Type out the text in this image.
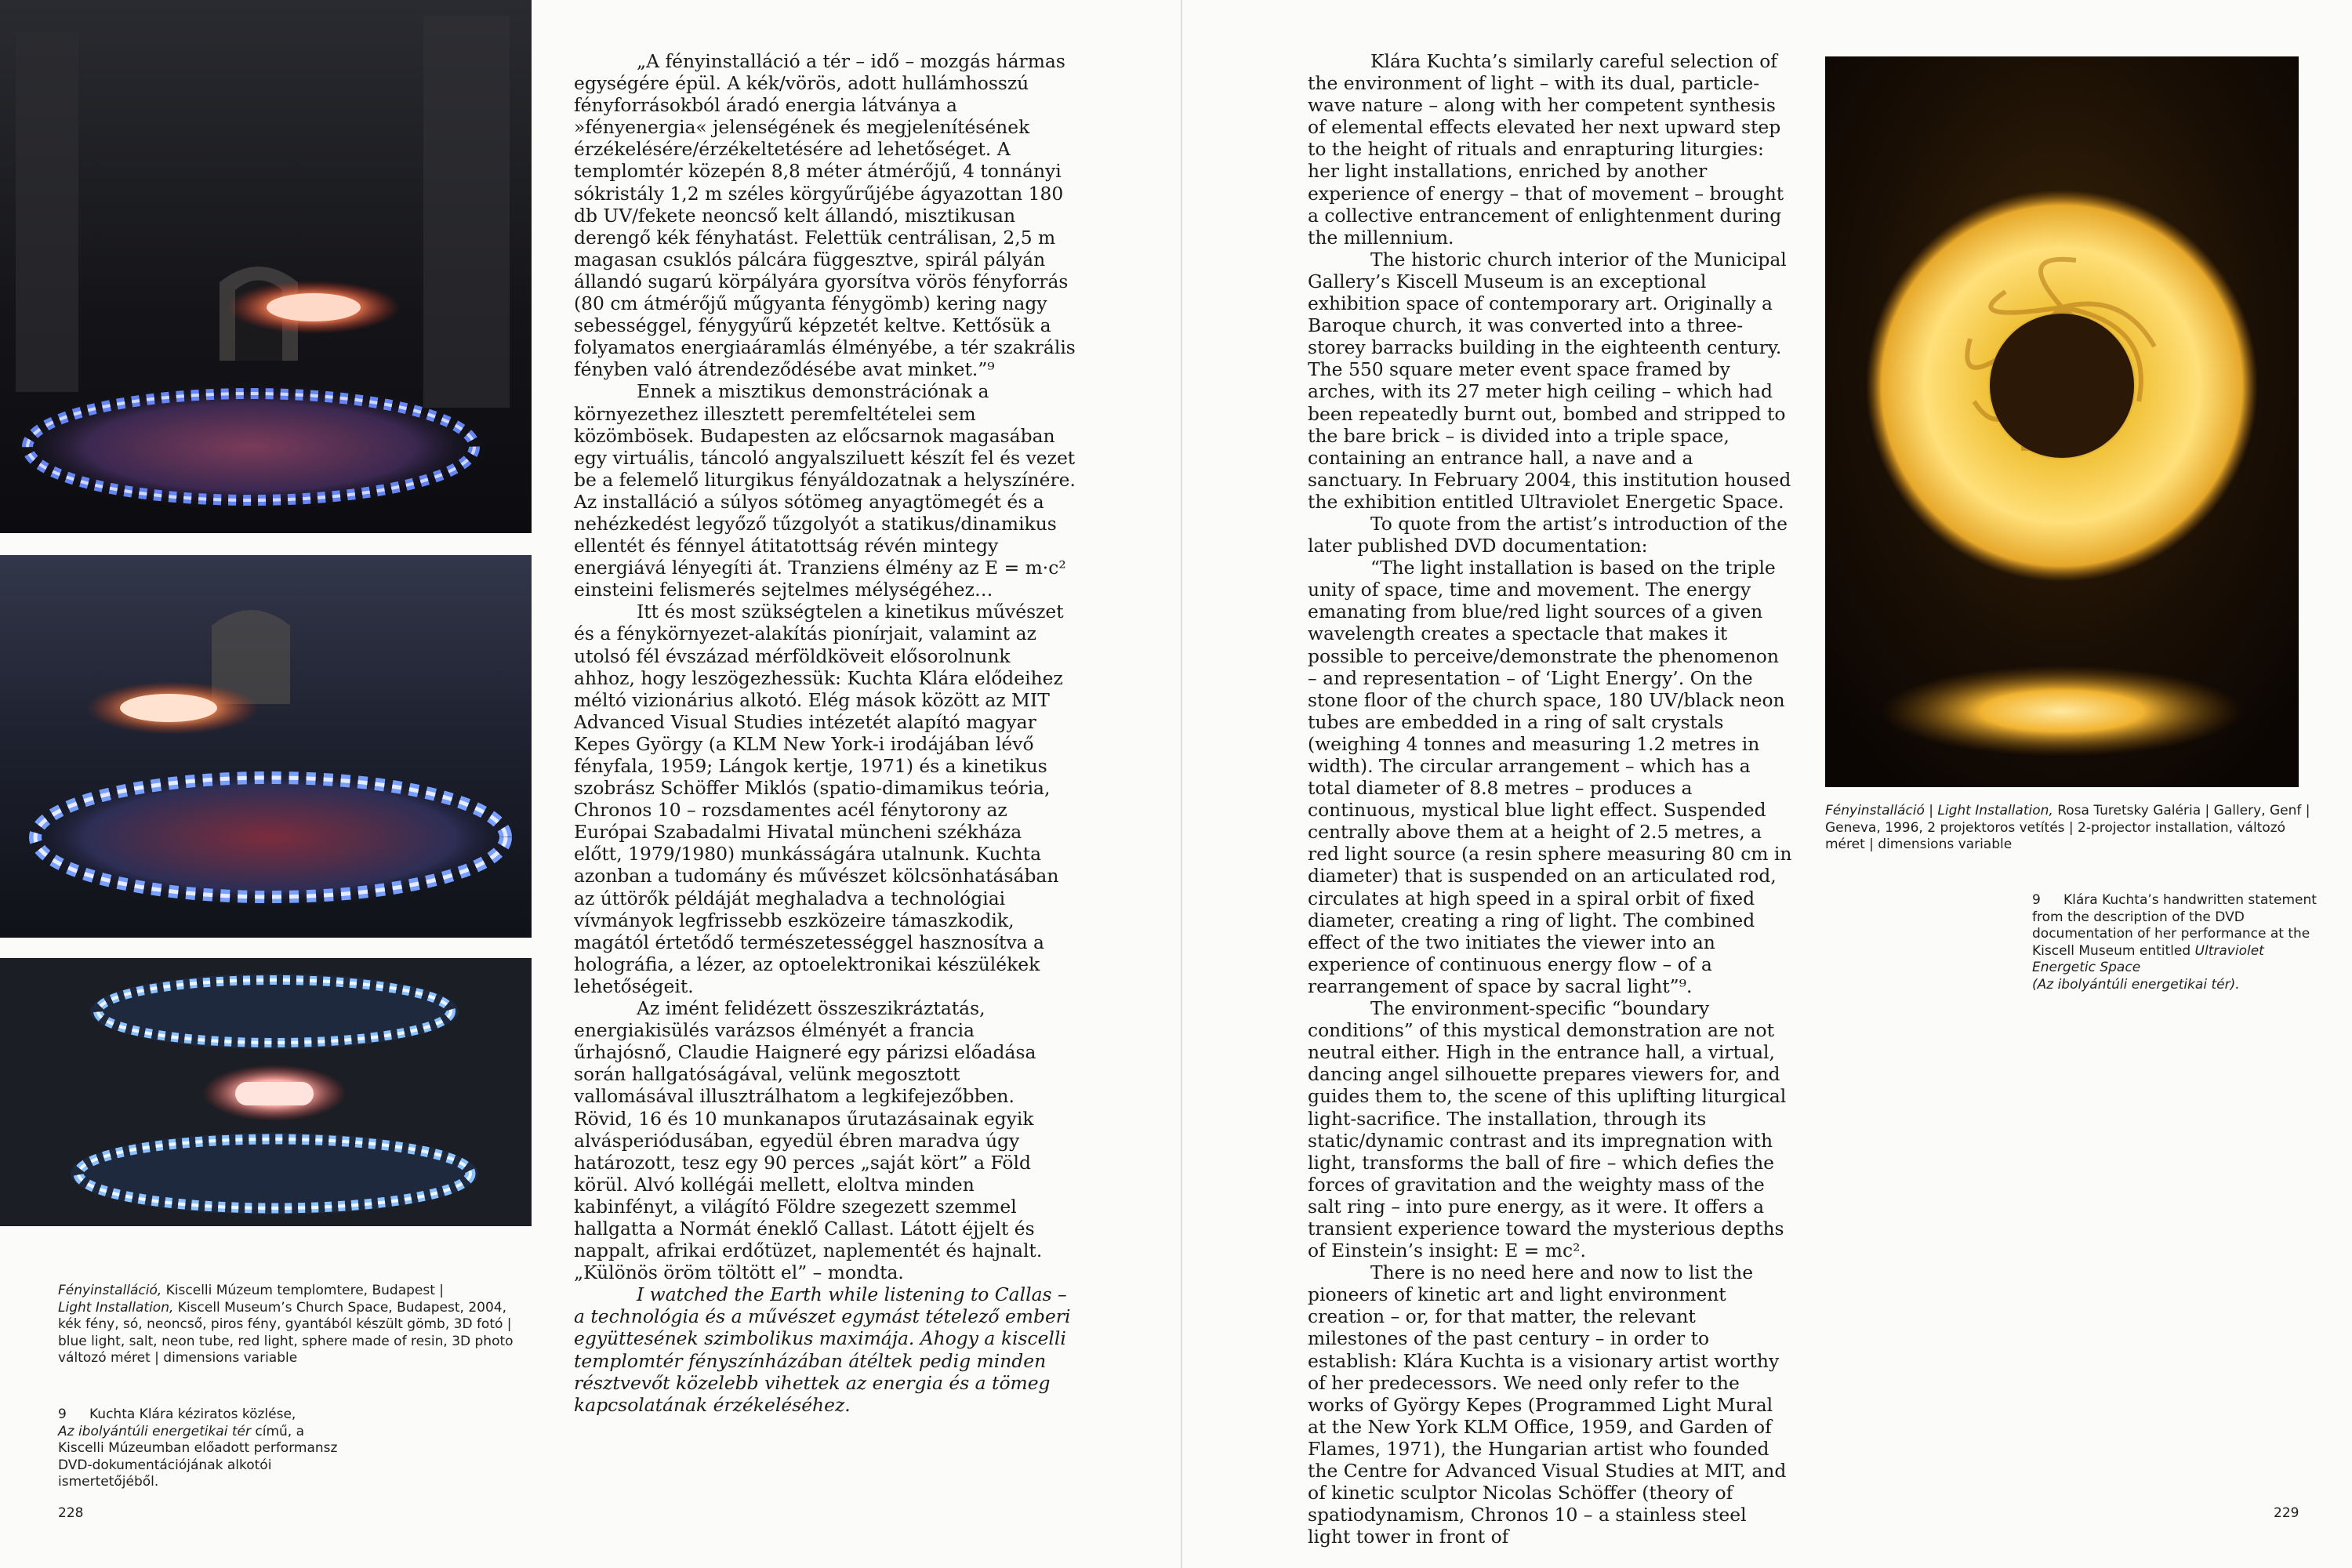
Fényinstalláció, Kiscelli Múzeum templomtere, Budapest |
Light Installation, Kiscell Museum’s Church Space, Budapest, 2004, kék fény, só, neoncső, piros fény, gyantából készült gömb, 3D fotó | blue light, salt, neon tube, red light, sphere made of resin, 3D photo változó méret | dimensions variable
9 Kuchta Klára kéziratos közlése,
Az ibolyántúli energetikai tér című, a Kiscelli Múzeumban előadott performansz DVD-dokumentációjának alkotói ismertetőjéből.
228

„A fényinstalláció a tér – idő – mozgás hármas egységére épül. A kék/vörös, adott hullámhosszú fényforrásokból áradó energia látványa a »fényenergia« jelenségének és megjelenítésének érzékelésére/érzékeltetésére ad lehetőséget. A templomtér közepén 8,8 méter átmérőjű, 4 tonnányi sókristály 1,2 m széles körgyűrűjébe ágyazottan 180 db UV/fekete neoncső kelt állandó, misztikusan derengő kék fényhatást. Felettük centrálisan, 2,5 m magasan csuklós pálcára függesztve, spirál pályán állandó sugarú körpályára gyorsítva vörös fényforrás (80 cm átmérőjű műgyanta fénygömb) kering nagy sebességgel, fénygyűrű képzetét keltve. Kettősük a folyamatos energiaáramlás élményébe, a tér szakrális fényben való átrendeződésébe avat minket.”⁹

Ennek a misztikus demonstrációnak a környezethez illesztett peremfeltételei sem közömbösek. Budapesten az előcsarnok magasában egy virtuális, táncoló angyalsziluett készít fel és vezet be a felemelő liturgikus fényáldozatnak a helyszínére. Az installáció a súlyos sótömeg anyagtömegét és a nehézkedést legyőző tűzgolyót a statikus/dinamikus ellentét és fénnyel átitatottság révén mintegy energiává lényegíti át. Tranziens élmény az E = m·c² einsteini felismerés sejtelmes mélységéhez…

Itt és most szükségtelen a kinetikus művészet és a fénykörnyezet-alakítás pionírjait, valamint az utolsó fél évszázad mérföldköveit elősorolnunk ahhoz, hogy leszögezhessük: Kuchta Klára elődeihez méltó vizionárius alkotó. Elég mások között az MIT Advanced Visual Studies intézetét alapító magyar Kepes György (a KLM New York-i irodájában lévő fényfala, 1959; Lángok kertje, 1971) és a kinetikus szobrász Schöffer Miklós (spatio-dimamikus teória, Chronos 10 – rozsdamentes acél fénytorony az Európai Szabadalmi Hivatal müncheni székháza előtt, 1979/1980) munkásságára utalnunk. Kuchta azonban a tudomány és művészet kölcsönhatásában az úttörők példáját meghaladva a technológiai vívmányok legfrissebb eszközeire támaszkodik, magától értetődő természetességgel hasznosítva a holográfia, a lézer, az optoelektronikai készülékek lehetőségeit.

Az imént felidézett összeszikráztatás, energiakisülés varázsos élményét a francia űrhajósnő, Claudie Haigneré egy párizsi előadása során hallgatóságával, velünk megosztott vallomásával illusztrálhatom a legkifejezőbben. Rövid, 16 és 10 munkanapos űrutazásainak egyik alvásperiódusában, egyedül ébren maradva úgy határozott, tesz egy 90 perces „saját kört” a Föld körül. Alvó kollégái mellett, eloltva minden kabinfényt, a világító Földre szegezett szemmel hallgatta a Normát éneklő Callast. Látott éjjelt és nappalt, afrikai erdőtüzet, naplementét és hajnalt. „Különös öröm töltött el” – mondta.

I watched the Earth while listening to Callas – a technológia és a művészet egymást tételező emberi együttesének szimbolikus maximája. Ahogy a kiscelli templomtér fényszínházában átéltek pedig minden résztvevőt közelebb vihettek az energia és a tömeg kapcsolatának érzékeléséhez.

Klára Kuchta’s similarly careful selection of the environment of light – with its dual, particle-wave nature – along with her competent synthesis of elemental effects elevated her next upward step to the height of rituals and enrapturing liturgies: her light installations, enriched by another experience of energy – that of movement – brought a collective entrancement of enlightenment during the millennium.

The historic church interior of the Municipal Gallery’s Kiscell Museum is an exceptional exhibition space of contemporary art. Originally a Baroque church, it was converted into a three-storey barracks building in the eighteenth century. The 550 square meter event space framed by arches, with its 27 meter high ceiling – which had been repeatedly burnt out, bombed and stripped to the bare brick – is divided into a triple space, containing an entrance hall, a nave and a sanctuary. In February 2004, this institution housed the exhibition entitled Ultraviolet Energetic Space.

To quote from the artist’s introduction of the later published DVD documentation:

“The light installation is based on the triple unity of space, time and movement. The energy emanating from blue/red light sources of a given wavelength creates a spectacle that makes it possible to perceive/demonstrate the phenomenon – and representation – of ‘Light Energy’. On the stone floor of the church space, 180 UV/black neon tubes are embedded in a ring of salt crystals (weighing 4 tonnes and measuring 1.2 metres in width). The circular arrangement – which has a total diameter of 8.8 metres – produces a continuous, mystical blue light effect. Suspended centrally above them at a height of 2.5 metres, a red light source (a resin sphere measuring 80 cm in diameter) that is suspended on an articulated rod, circulates at high speed in a spiral orbit of fixed diameter, creating a ring of light. The combined effect of the two initiates the viewer into an experience of continuous energy flow – of a rearrangement of space by sacral light”⁹.

The environment-specific “boundary conditions” of this mystical demonstration are not neutral either. High in the entrance hall, a virtual, dancing angel silhouette prepares viewers for, and guides them to, the scene of this uplifting liturgical light-sacrifice. The installation, through its static/dynamic contrast and its impregnation with light, transforms the ball of fire – which defies the forces of gravitation and the weighty mass of the salt ring – into pure energy, as it were. It offers a transient experience toward the mysterious depths of Einstein’s insight: E = mc².

There is no need here and now to list the pioneers of kinetic art and light environment creation – or, for that matter, the relevant milestones of the past century – in order to establish: Klára Kuchta is a visionary artist worthy of her predecessors. We need only refer to the works of György Kepes (Programmed Light Mural at the New York KLM Office, 1959, and Garden of Flames, 1971), the Hungarian artist who founded the Centre for Advanced Visual Studies at MIT, and of kinetic sculptor Nicolas Schöffer (theory of spatiodynamism, Chronos 10 – a stainless steel light tower in front of

Fényinstalláció | Light Installation, Rosa Turetsky Galéria | Gallery, Genf | Geneva, 1996, 2 projektoros vetítés | 2-projector installation, változó méret | dimensions variable
9 Klára Kuchta’s handwritten statement from the description of the DVD documentation of her performance at the Kiscell Museum entitled Ultraviolet Energetic Space
(Az ibolyántúli energetikai tér).
229
